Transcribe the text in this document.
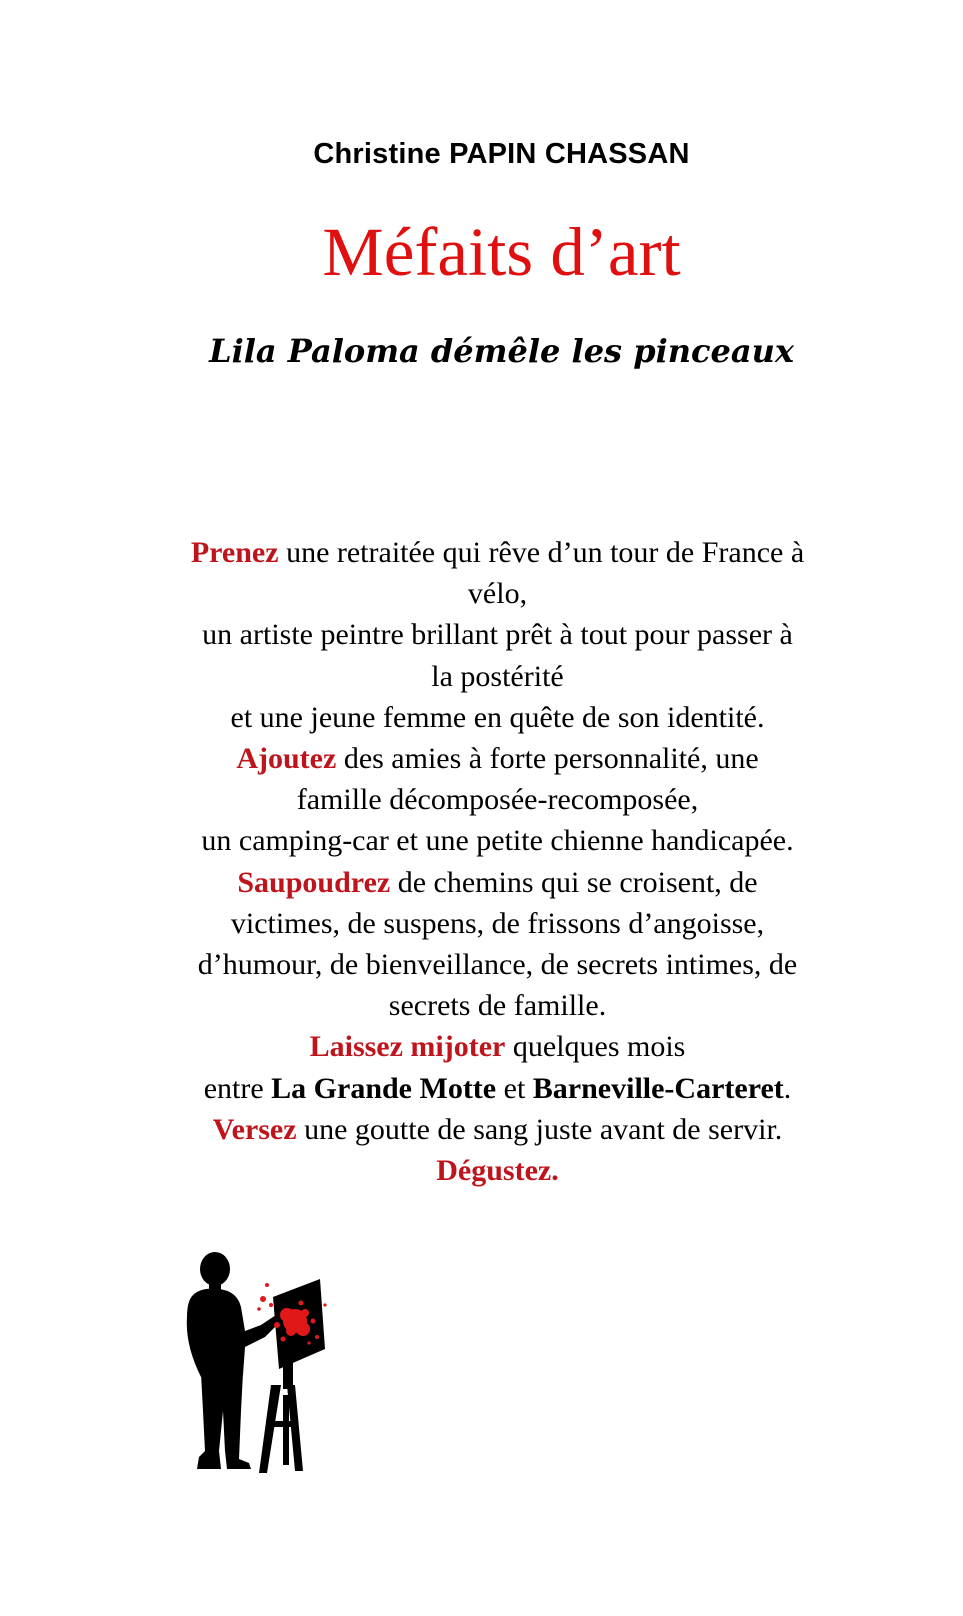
Christine PAPIN CHASSAN
Méfaits d’art
Lila Paloma démêle les pinceaux
Prenez une retraitée qui rêve d’un tour de France à
vélo,
un artiste peintre brillant prêt à tout pour passer à
la postérité
et une jeune femme en quête de son identité.
Ajoutez des amies à forte personnalité, une
famille décomposée-recomposée,
un camping-car et une petite chienne handicapée.
Saupoudrez de chemins qui se croisent, de
victimes, de suspens, de frissons d’angoisse,
d’humour, de bienveillance, de secrets intimes, de
secrets de famille.
Laissez mijoter quelques mois
entre La Grande Motte et Barneville-Carteret.
Versez une goutte de sang juste avant de servir.
Dégustez.
